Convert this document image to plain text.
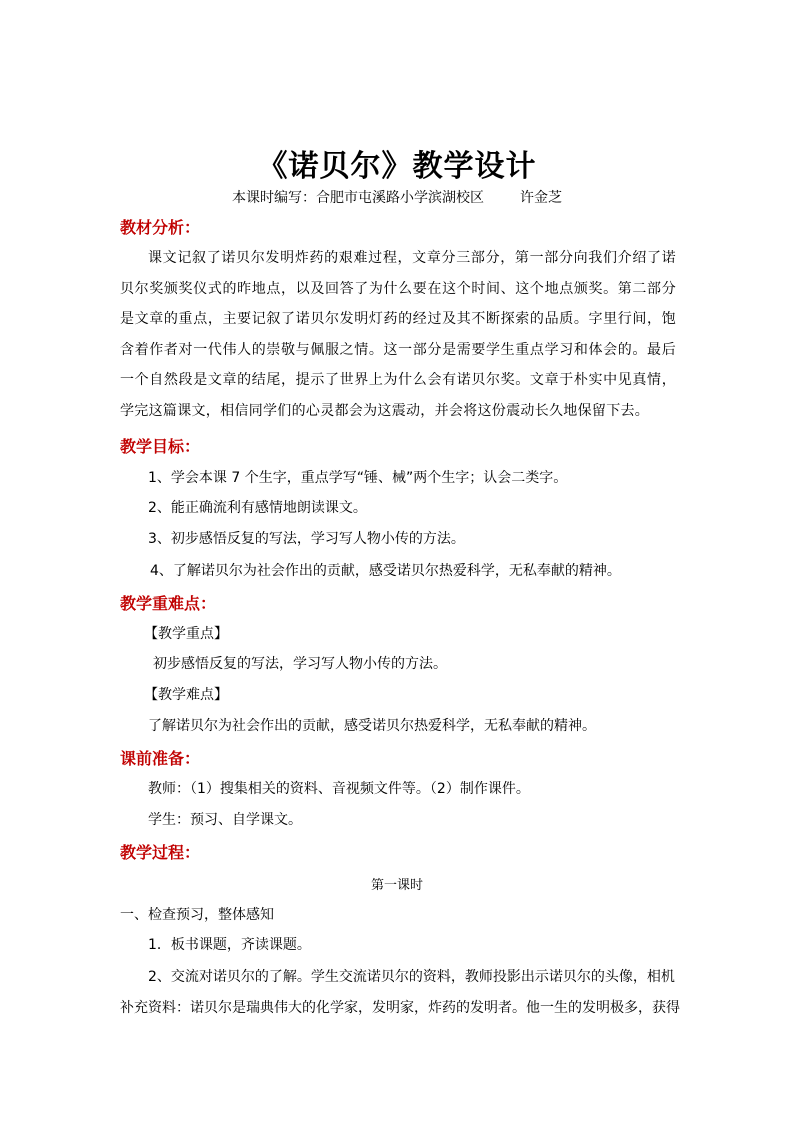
《诺贝尔》教学设计
本课时编写：合肥市屯溪路小学滨湖校区	许金芝
教材分析：
课文记叙了诺贝尔发明炸药的艰难过程，文章分三部分，第一部分向我们介绍了诺贝尔奖颁奖仪式的昨地点，以及回答了为什么要在这个时间、这个地点颁奖。第二部分是文章的重点，主要记叙了诺贝尔发明灯药的经过及其不断探索的品质。字里行间，饱含着作者对一代伟人的崇敬与佩服之情。这一部分是需要学生重点学习和体会的。最后一个自然段是文章的结尾，提示了世界上为什么会有诺贝尔奖。文章于朴实中见真情，学完这篇课文，相信同学们的心灵都会为这震动，并会将这份震动长久地保留下去。
教学目标：
1、学会本课 7 个生字，重点学写“锤、械”两个生字；认会二类字。
2、能正确流利有感情地朗读课文。
3、初步感悟反复的写法，学习写人物小传的方法。
4、了解诺贝尔为社会作出的贡献，感受诺贝尔热爱科学，无私奉献的精神。
教学重难点：
【教学重点】
初步感悟反复的写法，学习写人物小传的方法。
【教学难点】
了解诺贝尔为社会作出的贡献，感受诺贝尔热爱科学，无私奉献的精神。
课前准备：
教师：（1）搜集相关的资料、音视频文件等。（2）制作课件。
学生：预习、自学课文。
教学过程：
第一课时
一、检查预习，整体感知
1．板书课题，齐读课题。
2、交流对诺贝尔的了解。学生交流诺贝尔的资料，教师投影出示诺贝尔的头像，相机
补充资料：诺贝尔是瑞典伟大的化学家，发明家，炸药的发明者。他一生的发明极多，获得
